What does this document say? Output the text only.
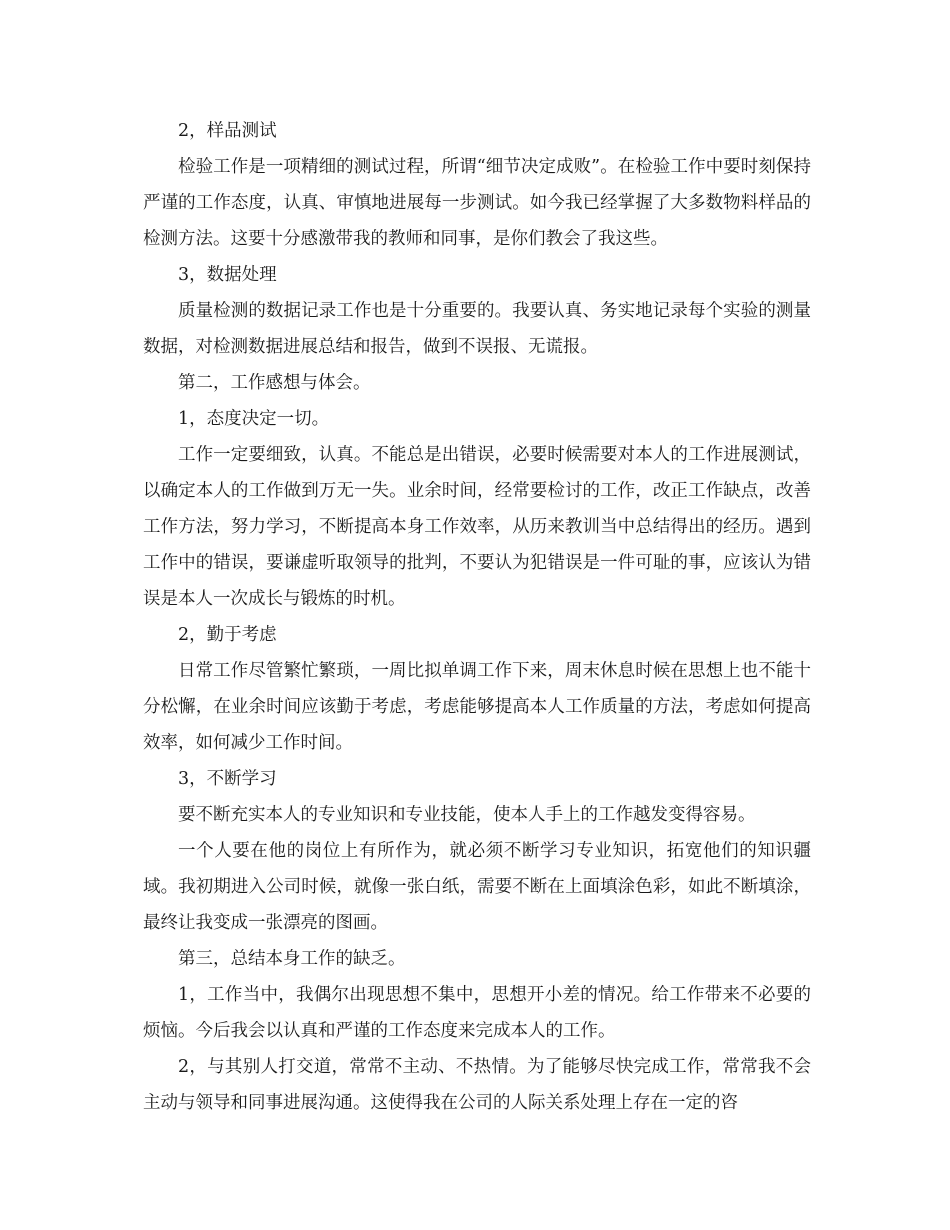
2，样品测试

检验工作是一项精细的测试过程，所谓“细节决定成败”。在检验工作中要时刻保持严谨的工作态度，认真、审慎地进展每一步测试。如今我已经掌握了大多数物料样品的检测方法。这要十分感激带我的教师和同事，是你们教会了我这些。

3，数据处理

质量检测的数据记录工作也是十分重要的。我要认真、务实地记录每个实验的测量数据，对检测数据进展总结和报告，做到不误报、无谎报。

第二，工作感想与体会。

1，态度决定一切。

工作一定要细致，认真。不能总是出错误，必要时候需要对本人的工作进展测试，以确定本人的工作做到万无一失。业余时间，经常要检讨的工作，改正工作缺点，改善工作方法，努力学习，不断提高本身工作效率，从历来教训当中总结得出的经历。遇到工作中的错误，要谦虚听取领导的批判，不要认为犯错误是一件可耻的事，应该认为错误是本人一次成长与锻炼的时机。

2，勤于考虑

日常工作尽管繁忙繁琐，一周比拟单调工作下来，周末休息时候在思想上也不能十分松懈，在业余时间应该勤于考虑，考虑能够提高本人工作质量的方法，考虑如何提高效率，如何减少工作时间。

3，不断学习

要不断充实本人的专业知识和专业技能，使本人手上的工作越发变得容易。

一个人要在他的岗位上有所作为，就必须不断学习专业知识，拓宽他们的知识疆域。我初期进入公司时候，就像一张白纸，需要不断在上面填涂色彩，如此不断填涂，最终让我变成一张漂亮的图画。

第三，总结本身工作的缺乏。

1，工作当中，我偶尔出现思想不集中，思想开小差的情况。给工作带来不必要的烦恼。今后我会以认真和严谨的工作态度来完成本人的工作。

2，与其别人打交道，常常不主动、不热情。为了能够尽快完成工作，常常我不会主动与领导和同事进展沟通。这使得我在公司的人际关系处理上存在一定的咨
